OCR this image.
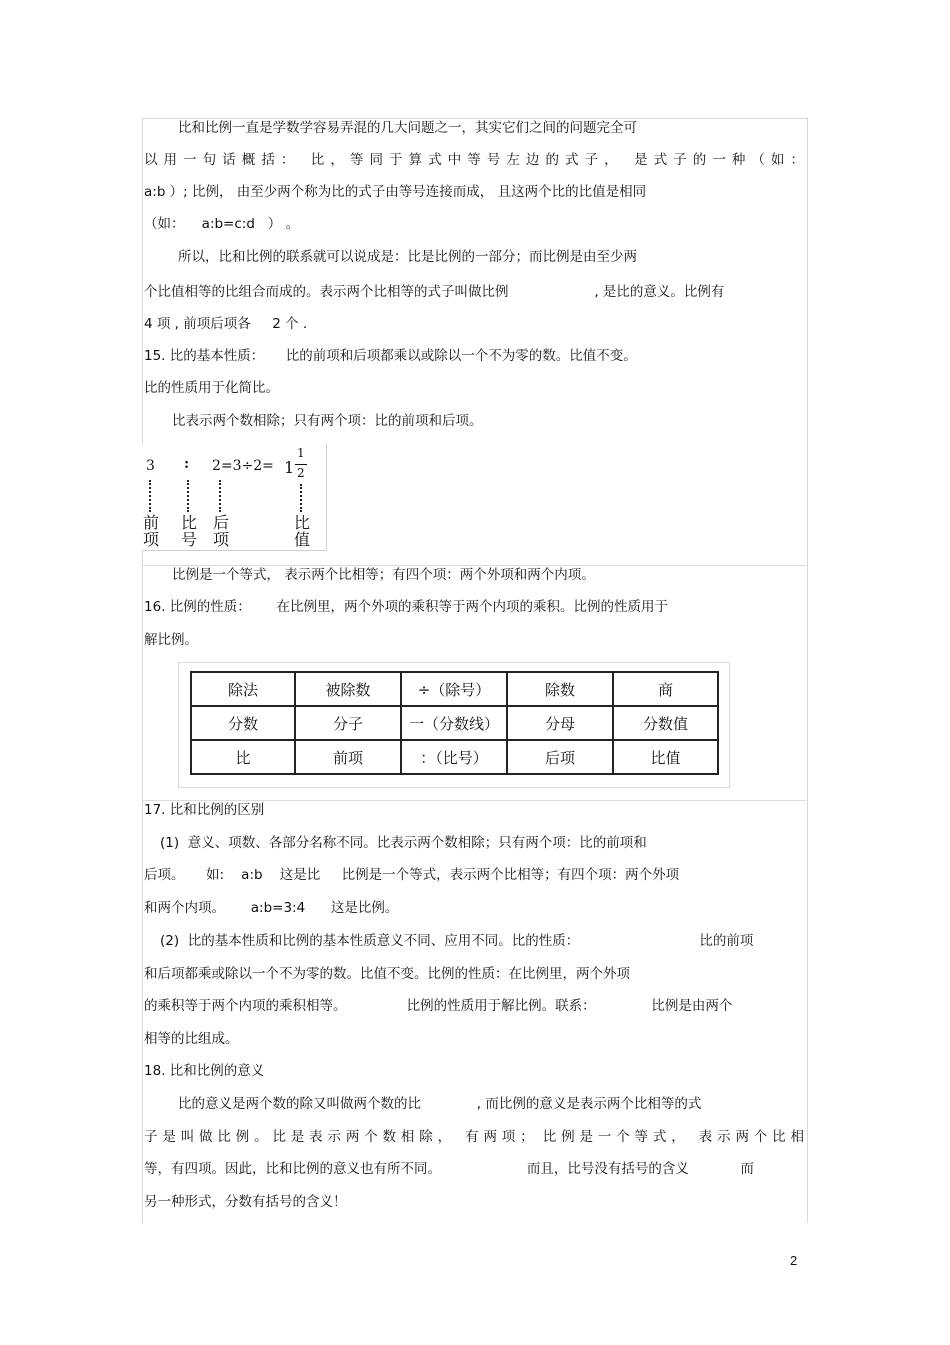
比和比例一直是学数学容易弄混的几大问题之一，其实它们之间的问题完全可

以用一句话概括： 比，等同于算式中等号左边的式子， 是式子的一种（如：

a:b ）; 比例， 由至少两个称为比的式子由等号连接而成， 且这两个比的比值是相同

（如：    a:b=c:d   ） 。

所以，比和比例的联系就可以说成是：比是比例的一部分；而比例是由至少两

个比值相等的比组合而成的。表示两个比相等的式子叫做比例                    , 是比的意义。比例有

4 项 , 前项后项各     2 个 .

15. 比的基本性质：     比的前项和后项都乘以或除以一个不为零的数。比值不变。

比的性质用于化简比。

比表示两个数相除；只有两个项：比的前项和后项。

3 : 2=3÷2= 1
1
2
前项
比号
后项
比值

比例是一个等式， 表示两个比相等；有四个项：两个外项和两个内项。

16. 比例的性质：      在比例里，两个外项的乘积等于两个内项的乘积。比例的性质用于

解比例。

除法	被除数	÷（除号）	除数	商
分数	分子	一（分数线）	分母	分数值
比	前项	：（比号）	后项	比值

17. 比和比例的区别

(1)  意义、项数、各部分名称不同。比表示两个数相除；只有两个项：比的前项和

后项。     如:    a:b    这是比     比例是一个等式，表示两个比相等；有四个项：两个外项

和两个内项。      a:b=3:4      这是比例。

(2)  比的基本性质和比例的基本性质意义不同、应用不同。比的性质：                            比的前项

和后项都乘或除以一个不为零的数。比值不变。比例的性质：在比例里，两个外项

的乘积等于两个内项的乘积相等。              比例的性质用于解比例。联系：             比例是由两个

相等的比组成。

18. 比和比例的意义

比的意义是两个数的除又叫做两个数的比             , 而比例的意义是表示两个比相等的式

子是叫做比例。比是表示两个数相除， 有两项； 比例是一个等式， 表示两个比相

等，有四项。因此，比和比例的意义也有所不同。                    而且，比号没有括号的含义            而

另一种形式，分数有括号的含义！

2
